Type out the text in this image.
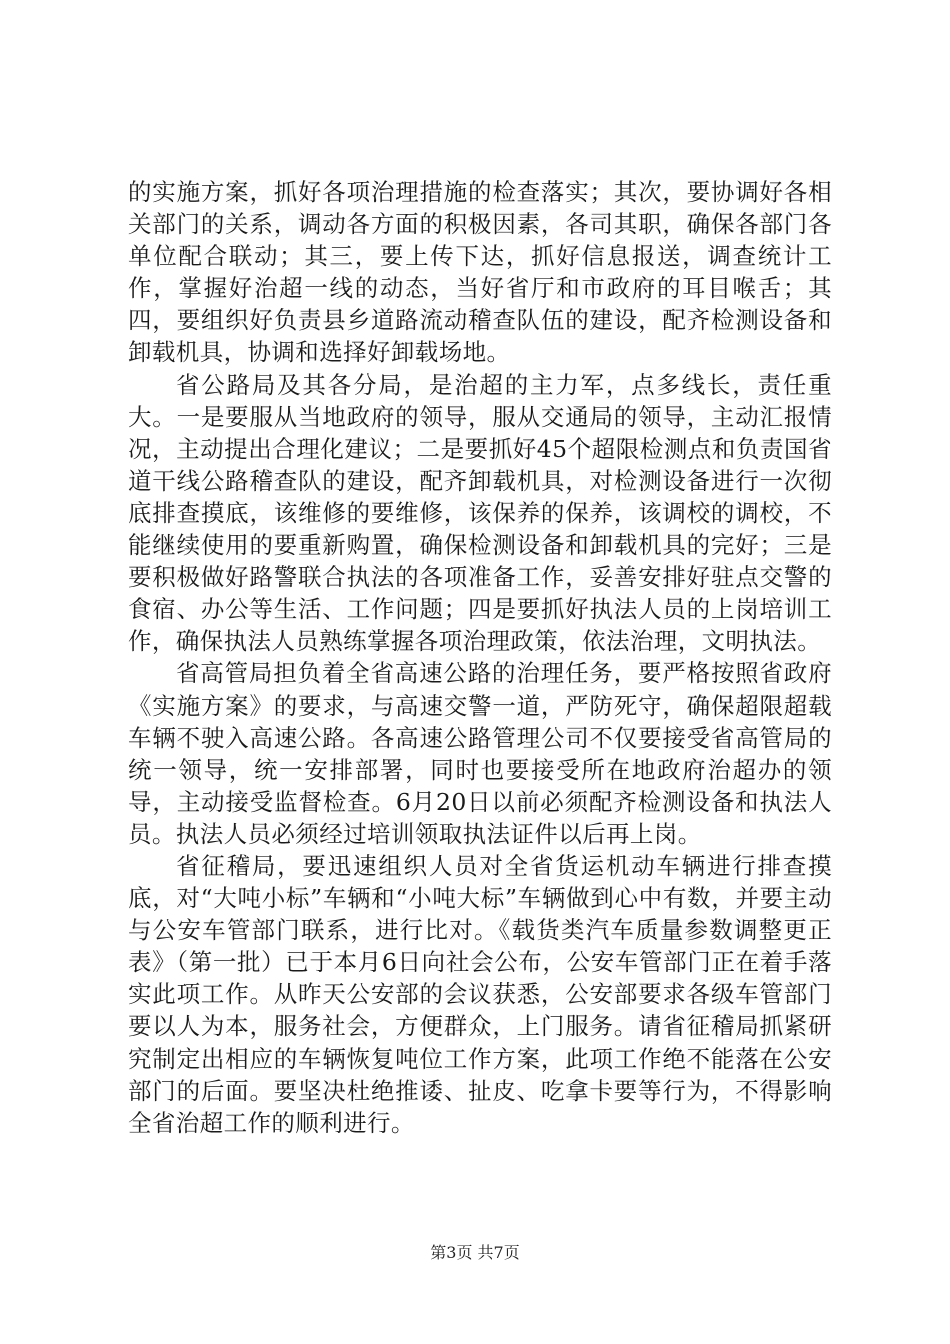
的实施方案，抓好各项治理措施的检查落实；其次，要协调好各相关部门的关系，调动各方面的积极因素，各司其职，确保各部门各单位配合联动；其三，要上传下达，抓好信息报送，调查统计工作，掌握好治超一线的动态，当好省厅和市政府的耳目喉舌；其四，要组织好负责县乡道路流动稽查队伍的建设，配齐检测设备和卸载机具，协调和选择好卸载场地。

省公路局及其各分局，是治超的主力军，点多线长，责任重大。一是要服从当地政府的领导，服从交通局的领导，主动汇报情况，主动提出合理化建议；二是要抓好45个超限检测点和负责国省道干线公路稽查队的建设，配齐卸载机具，对检测设备进行一次彻底排查摸底，该维修的要维修，该保养的保养，该调校的调校，不能继续使用的要重新购置，确保检测设备和卸载机具的完好；三是要积极做好路警联合执法的各项准备工作，妥善安排好驻点交警的食宿、办公等生活、工作问题；四是要抓好执法人员的上岗培训工作，确保执法人员熟练掌握各项治理政策，依法治理，文明执法。

省高管局担负着全省高速公路的治理任务，要严格按照省政府《实施方案》的要求，与高速交警一道，严防死守，确保超限超载车辆不驶入高速公路。各高速公路管理公司不仅要接受省高管局的统一领导，统一安排部署，同时也要接受所在地政府治超办的领导，主动接受监督检查。6月20日以前必须配齐检测设备和执法人员。执法人员必须经过培训领取执法证件以后再上岗。

省征稽局，要迅速组织人员对全省货运机动车辆进行排查摸底，对“大吨小标”车辆和“小吨大标”车辆做到心中有数，并要主动与公安车管部门联系，进行比对。《载货类汽车质量参数调整更正表》（第一批）已于本月6日向社会公布，公安车管部门正在着手落实此项工作。从昨天公安部的会议获悉，公安部要求各级车管部门要以人为本，服务社会，方便群众，上门服务。请省征稽局抓紧研究制定出相应的车辆恢复吨位工作方案，此项工作绝不能落在公安部门的后面。要坚决杜绝推诿、扯皮、吃拿卡要等行为，不得影响全省治超工作的顺利进行。

第3页 共7页
